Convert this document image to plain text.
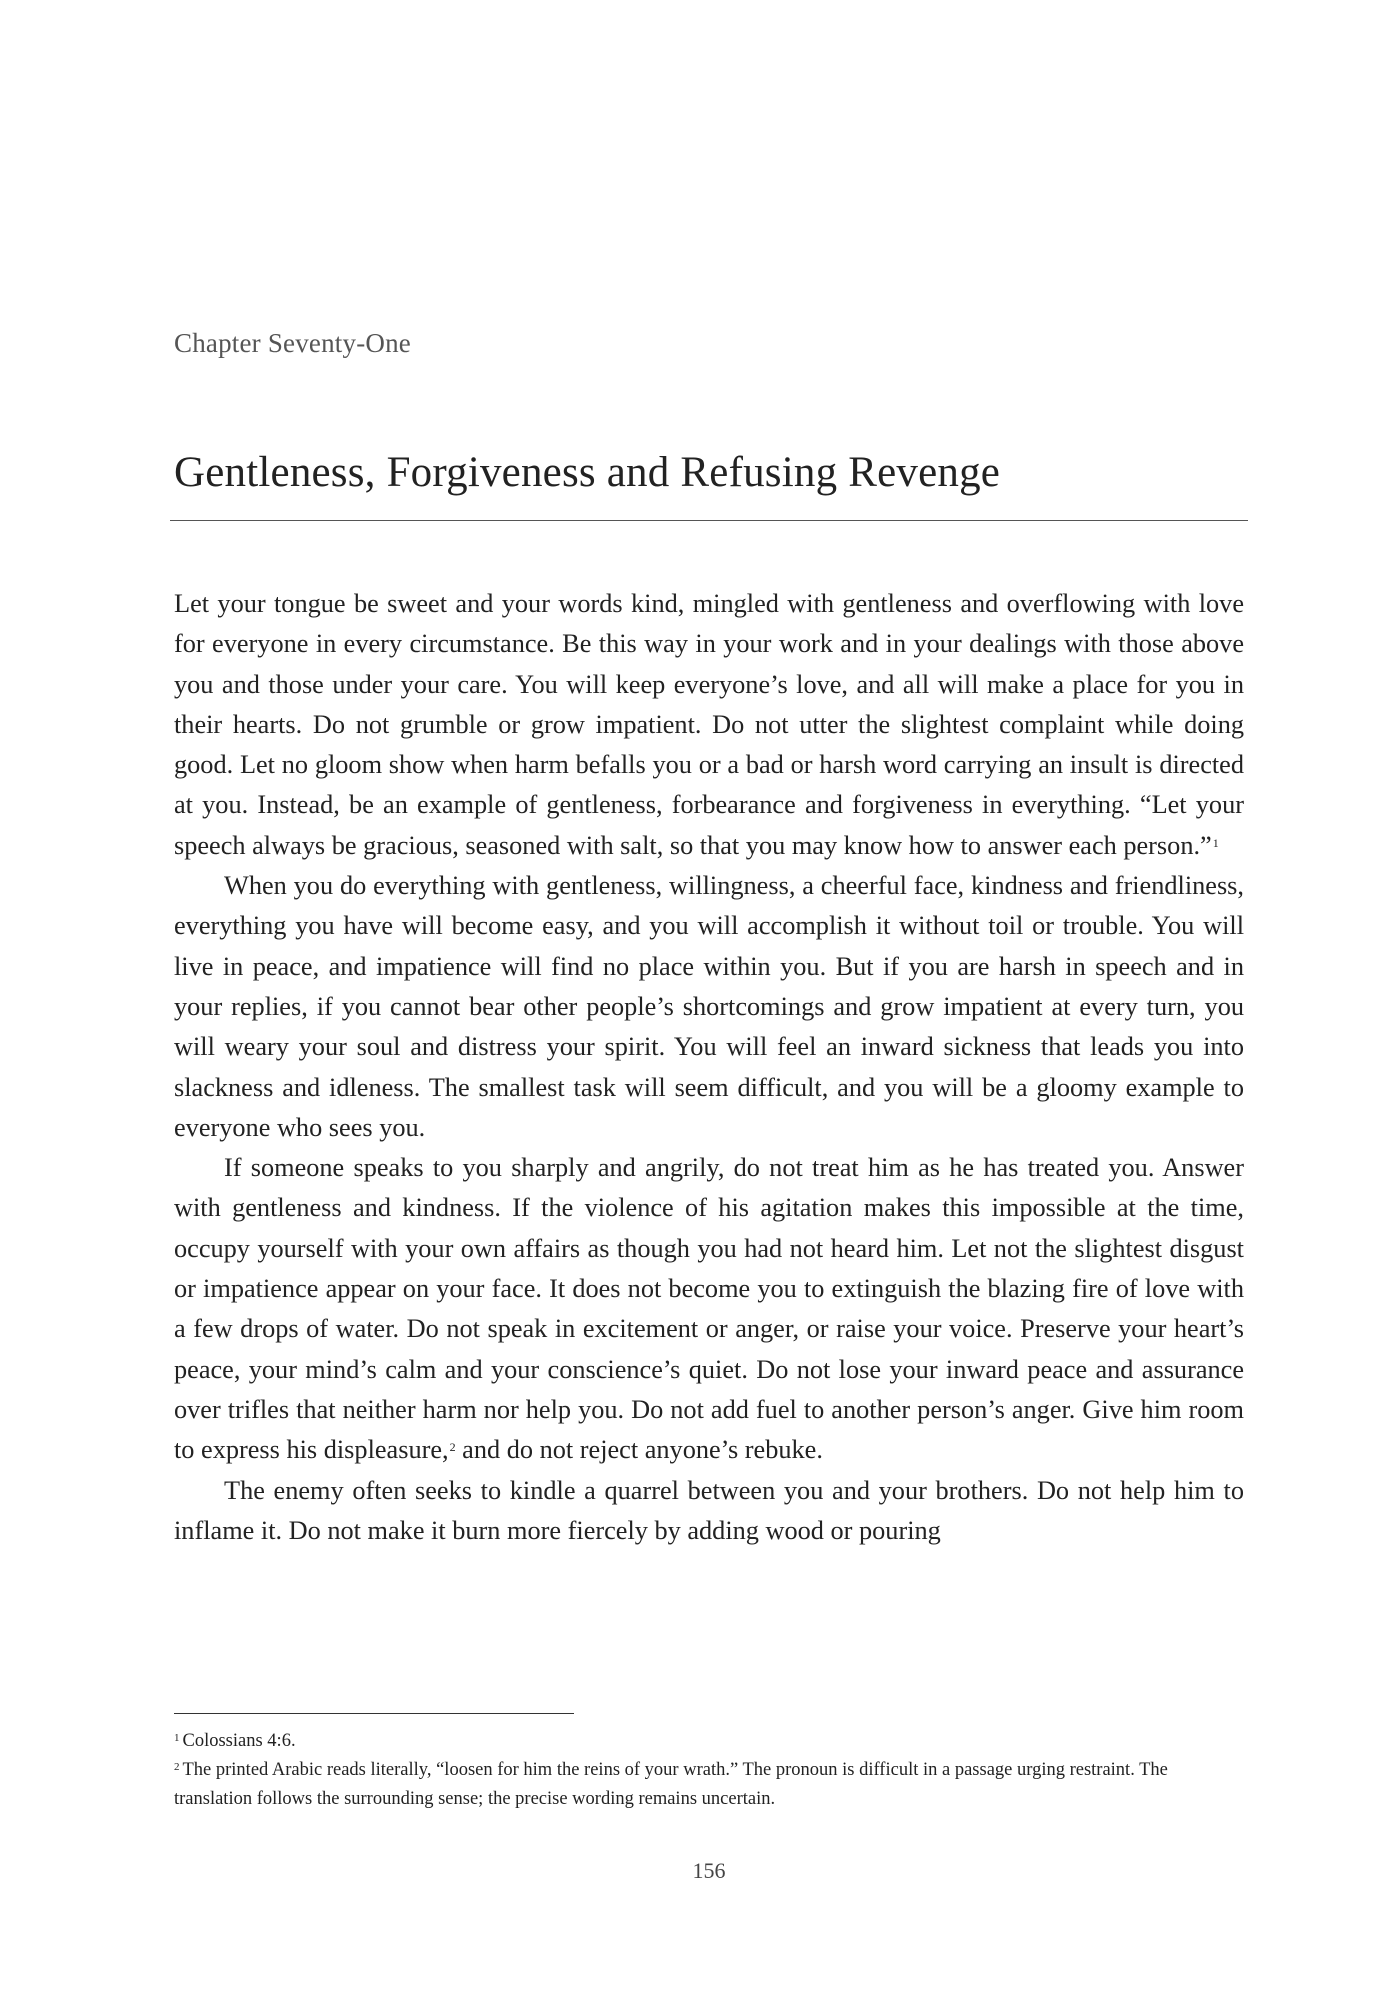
Chapter Seventy-One
Gentleness, Forgiveness and Refusing Revenge

Let your tongue be sweet and your words kind, mingled with gentleness and overflowing with love for everyone in every circumstance. Be this way in your work and in your dealings with those above you and those under your care. You will keep everyone’s love, and all will make a place for you in their hearts. Do not grumble or grow impatient. Do not utter the slightest complaint while doing good. Let no gloom show when harm befalls you or a bad or harsh word carrying an insult is directed at you. Instead, be an example of gentleness, forbearance and forgiveness in everything. “Let your speech always be gracious, seasoned with salt, so that you may know how to answer each person.”$^1$

When you do everything with gentleness, willingness, a cheerful face, kindness and friendliness, everything you have will become easy, and you will accomplish it without toil or trouble. You will live in peace, and impatience will find no place within you. But if you are harsh in speech and in your replies, if you cannot bear other people’s shortcomings and grow impatient at every turn, you will weary your soul and distress your spirit. You will feel an inward sickness that leads you into slackness and idleness. The smallest task will seem difficult, and you will be a gloomy example to everyone who sees you.

If someone speaks to you sharply and angrily, do not treat him as he has treated you. Answer with gentleness and kindness. If the violence of his agitation makes this impossible at the time, occupy yourself with your own affairs as though you had not heard him. Let not the slightest disgust or impatience appear on your face. It does not become you to extinguish the blazing fire of love with a few drops of water. Do not speak in excitement or anger, or raise your voice. Preserve your heart’s peace, your mind’s calm and your conscience’s quiet. Do not lose your inward peace and assurance over trifles that neither harm nor help you. Do not add fuel to another person’s anger. Give him room to express his displeasure,$^2$ and do not reject anyone’s rebuke.

The enemy often seeks to kindle a quarrel between you and your brothers. Do not help him to inflame it. Do not make it burn more fiercely by adding wood or pouring

$^1$ Colossians 4:6.

$^2$ The printed Arabic reads literally, “loosen for him the reins of your wrath.” The pronoun is difficult in a passage urging restraint. The translation follows the surrounding sense; the precise wording remains uncertain.

156
